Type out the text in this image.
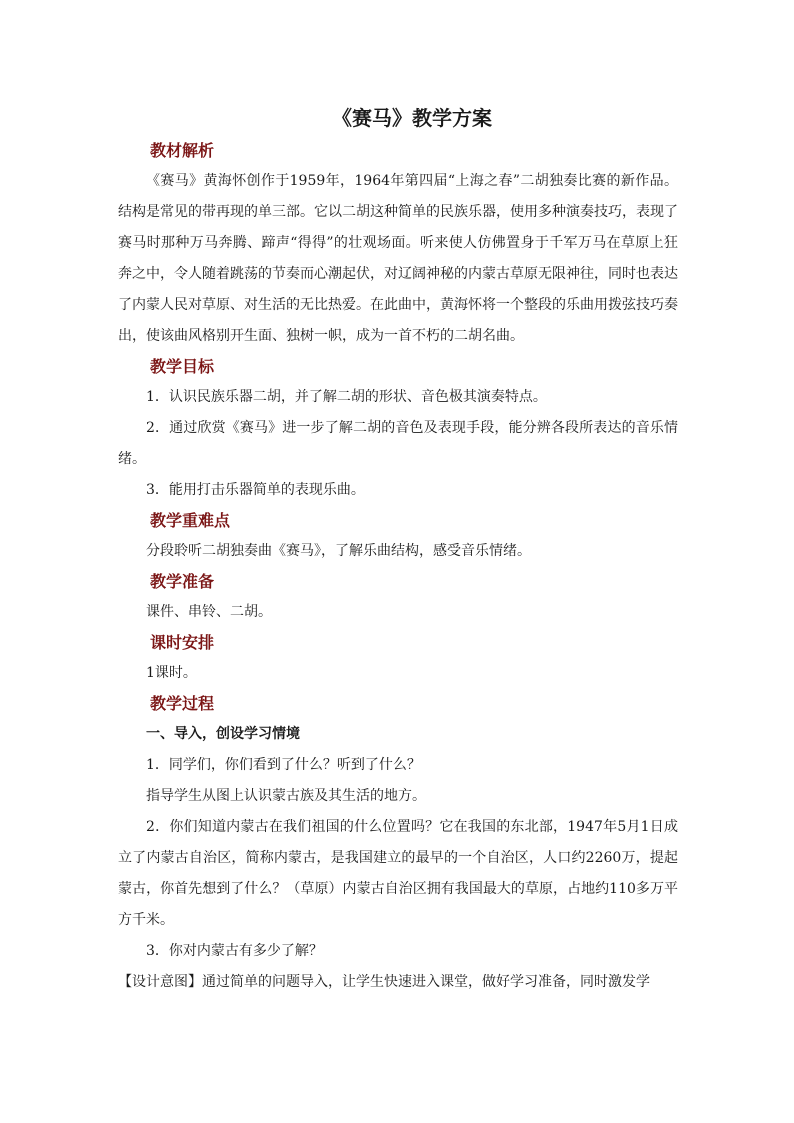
《赛马》教学方案
教材解析

《赛马》黄海怀创作于1959年，1964年第四届“上海之春”二胡独奏比赛的新作品。结构是常见的带再现的单三部。它以二胡这种简单的民族乐器，使用多种演奏技巧，表现了赛马时那种万马奔腾、蹄声“得得”的壮观场面。听来使人仿佛置身于千军万马在草原上狂奔之中，令人随着跳荡的节奏而心潮起伏，对辽阔神秘的内蒙古草原无限神往，同时也表达了内蒙人民对草原、对生活的无比热爱。在此曲中，黄海怀将一个整段的乐曲用拨弦技巧奏出，使该曲风格别开生面、独树一帜，成为一首不朽的二胡名曲。

教学目标
1．认识民族乐器二胡，并了解二胡的形状、音色极其演奏特点。

2．通过欣赏《赛马》进一步了解二胡的音色及表现手段，能分辨各段所表达的音乐情绪。

3．能用打击乐器简单的表现乐曲。
教学重难点
分段聆听二胡独奏曲《赛马》，了解乐曲结构，感受音乐情绪。
教学准备
课件、串铃、二胡。
课时安排
1课时。
教学过程
一、导入，创设学习情境
1．同学们，你们看到了什么？听到了什么？
指导学生从图上认识蒙古族及其生活的地方。

2．你们知道内蒙古在我们祖国的什么位置吗？它在我国的东北部，1947年5月1日成立了内蒙古自治区，简称内蒙古，是我国建立的最早的一个自治区，人口约2260万，提起蒙古，你首先想到了什么？（草原）内蒙古自治区拥有我国最大的草原，占地约110多万平方千米。

3．你对内蒙古有多少了解？
【设计意图】通过简单的问题导入，让学生快速进入课堂，做好学习准备，同时激发学
